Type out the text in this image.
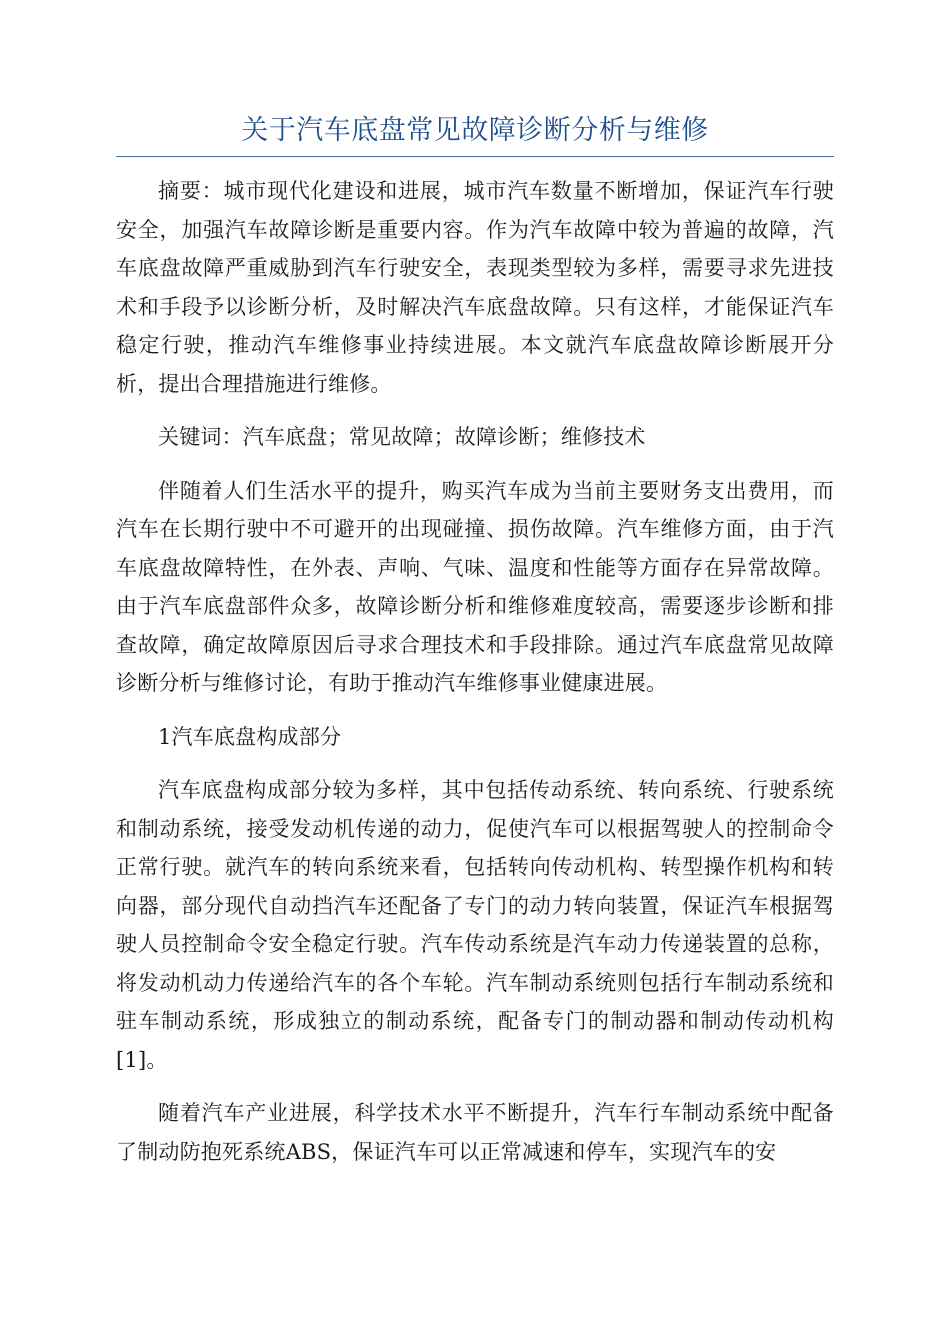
关于汽车底盘常见故障诊断分析与维修

摘要：城市现代化建设和进展，城市汽车数量不断增加，保证汽车行驶安全，加强汽车故障诊断是重要内容。作为汽车故障中较为普遍的故障，汽车底盘故障严重威胁到汽车行驶安全，表现类型较为多样，需要寻求先进技术和手段予以诊断分析，及时解决汽车底盘故障。只有这样，才能保证汽车稳定行驶，推动汽车维修事业持续进展。本文就汽车底盘故障诊断展开分析，提出合理措施进行维修。

关键词：汽车底盘；常见故障；故障诊断；维修技术

伴随着人们生活水平的提升，购买汽车成为当前主要财务支出费用，而汽车在长期行驶中不可避开的出现碰撞、损伤故障。汽车维修方面，由于汽车底盘故障特性，在外表、声响、气味、温度和性能等方面存在异常故障。由于汽车底盘部件众多，故障诊断分析和维修难度较高，需要逐步诊断和排查故障，确定故障原因后寻求合理技术和手段排除。通过汽车底盘常见故障诊断分析与维修讨论，有助于推动汽车维修事业健康进展。

1汽车底盘构成部分

汽车底盘构成部分较为多样，其中包括传动系统、转向系统、行驶系统和制动系统，接受发动机传递的动力，促使汽车可以根据驾驶人的控制命令正常行驶。就汽车的转向系统来看，包括转向传动机构、转型操作机构和转向器，部分现代自动挡汽车还配备了专门的动力转向装置，保证汽车根据驾驶人员控制命令安全稳定行驶。汽车传动系统是汽车动力传递装置的总称，将发动机动力传递给汽车的各个车轮。汽车制动系统则包括行车制动系统和驻车制动系统，形成独立的制动系统，配备专门的制动器和制动传动机构[1]。

随着汽车产业进展，科学技术水平不断提升，汽车行车制动系统中配备了制动防抱死系统ABS，保证汽车可以正常减速和停车，实现汽车的安
